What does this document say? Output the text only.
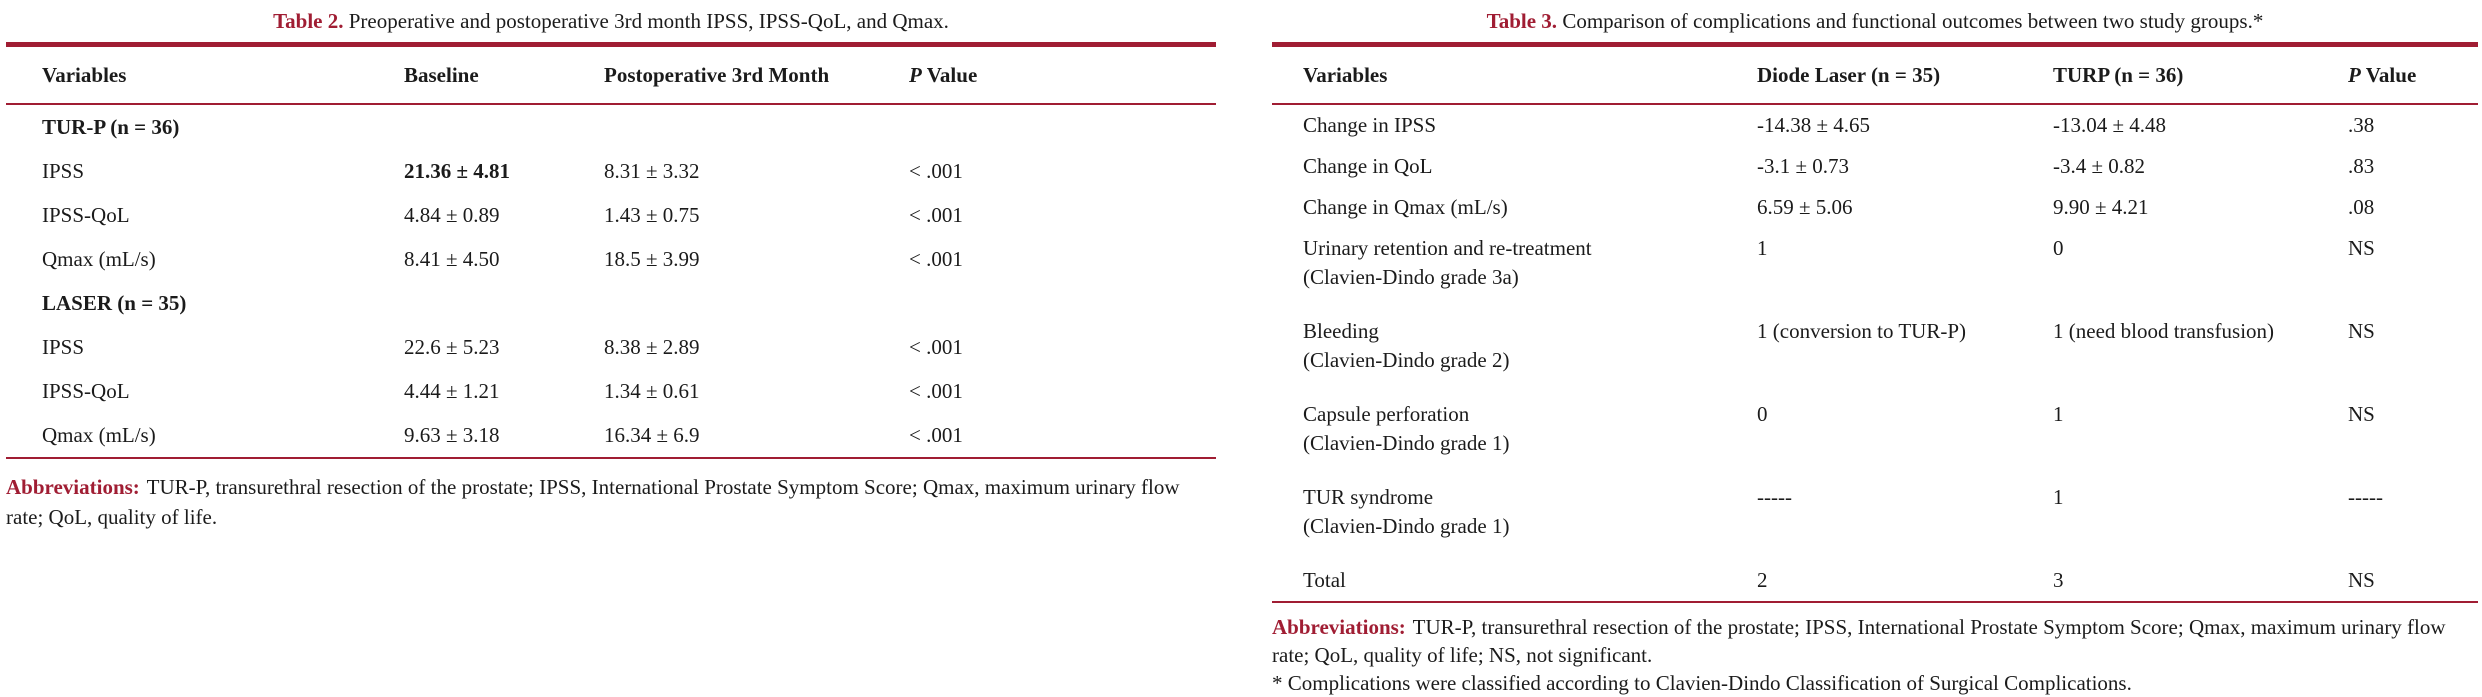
Table 2. Preoperative and postoperative 3rd month IPSS, IPSS-QoL, and Qmax.
Variables	Baseline	Postoperative 3rd Month	P Value
TUR-P (n = 36)
IPSS	21.36 ± 4.81	8.31 ± 3.32	< .001
IPSS-QoL	4.84 ± 0.89	1.43 ± 0.75	< .001
Qmax (mL/s)	8.41 ± 4.50	18.5 ± 3.99	< .001
LASER (n = 35)
IPSS	22.6 ± 5.23	8.38 ± 2.89	< .001
IPSS-QoL	4.44 ± 1.21	1.34 ± 0.61	< .001
Qmax (mL/s)	9.63 ± 3.18	16.34 ± 6.9	< .001
Abbreviations: TUR-P, transurethral resection of the prostate; IPSS, International Prostate Symptom Score; Qmax, maximum urinary flow rate; QoL, quality of life.
Table 3. Comparison of complications and functional outcomes between two study groups.*
Variables	Diode Laser (n = 35)	TURP (n = 36)	P Value
Change in IPSS	-14.38 ± 4.65	-13.04 ± 4.48	.38
Change in QoL	-3.1 ± 0.73	-3.4 ± 0.82	.83
Change in Qmax (mL/s)	6.59 ± 5.06	9.90 ± 4.21	.08
Urinary retention and re-treatment
(Clavien-Dindo grade 3a)
1	0	NS
Bleeding
(Clavien-Dindo grade 2)
1 (conversion to TUR-P)	1 (need blood transfusion)	NS
Capsule perforation
(Clavien-Dindo grade 1)
0	1	NS
TUR syndrome
(Clavien-Dindo grade 1)
-----	1	-----
Total	2	3	NS
Abbreviations: TUR-P, transurethral resection of the prostate; IPSS, International Prostate Symptom Score; Qmax, maximum urinary flow rate; QoL, quality of life; NS, not significant.
* Complications were classified according to Clavien-Dindo Classification of Surgical Complications.
